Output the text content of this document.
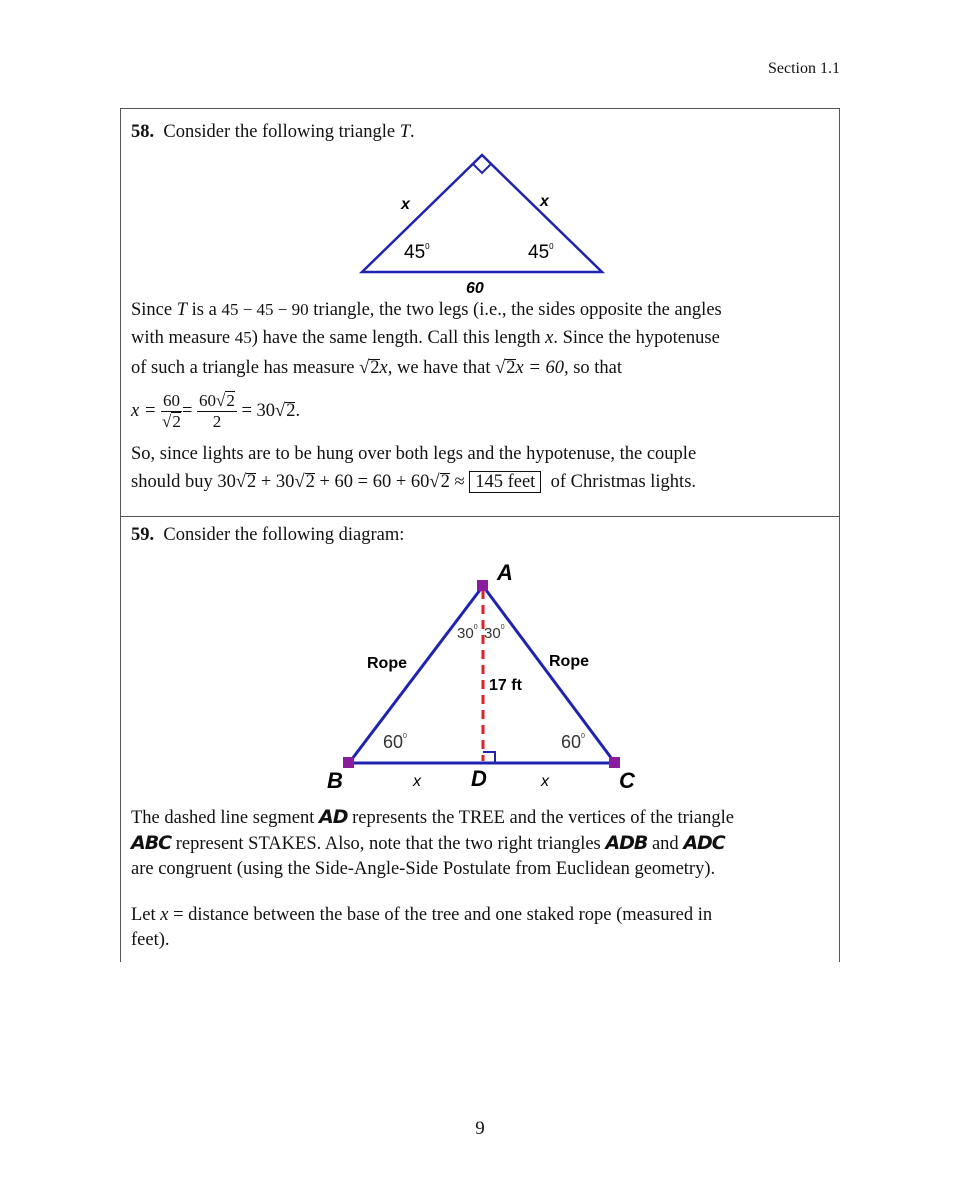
Section 1.1
58. Consider the following triangle T.
x	x
$45^0$	$45^0$
60
Since T is a 45 − 45 − 90 triangle, the two legs (i.e., the sides opposite the angles
with measure 45) have the same length. Call this length x. Since the hypotenuse
of such a triangle has measure √2x, we have that √2x = 60, so that
$x = \frac{60}{√2} = \frac{60√2}{2} = 30√2$.
So, since lights are to be hung over both legs and the hypotenuse, the couple
should buy 30√2 + 30√2 + 60 = 60 + 60√2 ≈ 145 feet  of Christmas lights.
59. Consider the following diagram:
A
B	D	C
Rope	Rope
17 ft
x	x
$30^0$ $30^0$
$60^0$	$60^0$
The dashed line segment AD represents the TREE and the vertices of the triangle
ABC represent STAKES. Also, note that the two right triangles ADB and ADC
are congruent (using the Side-Angle-Side Postulate from Euclidean geometry).
Let x = distance between the base of the tree and one staked rope (measured in
feet).
9
